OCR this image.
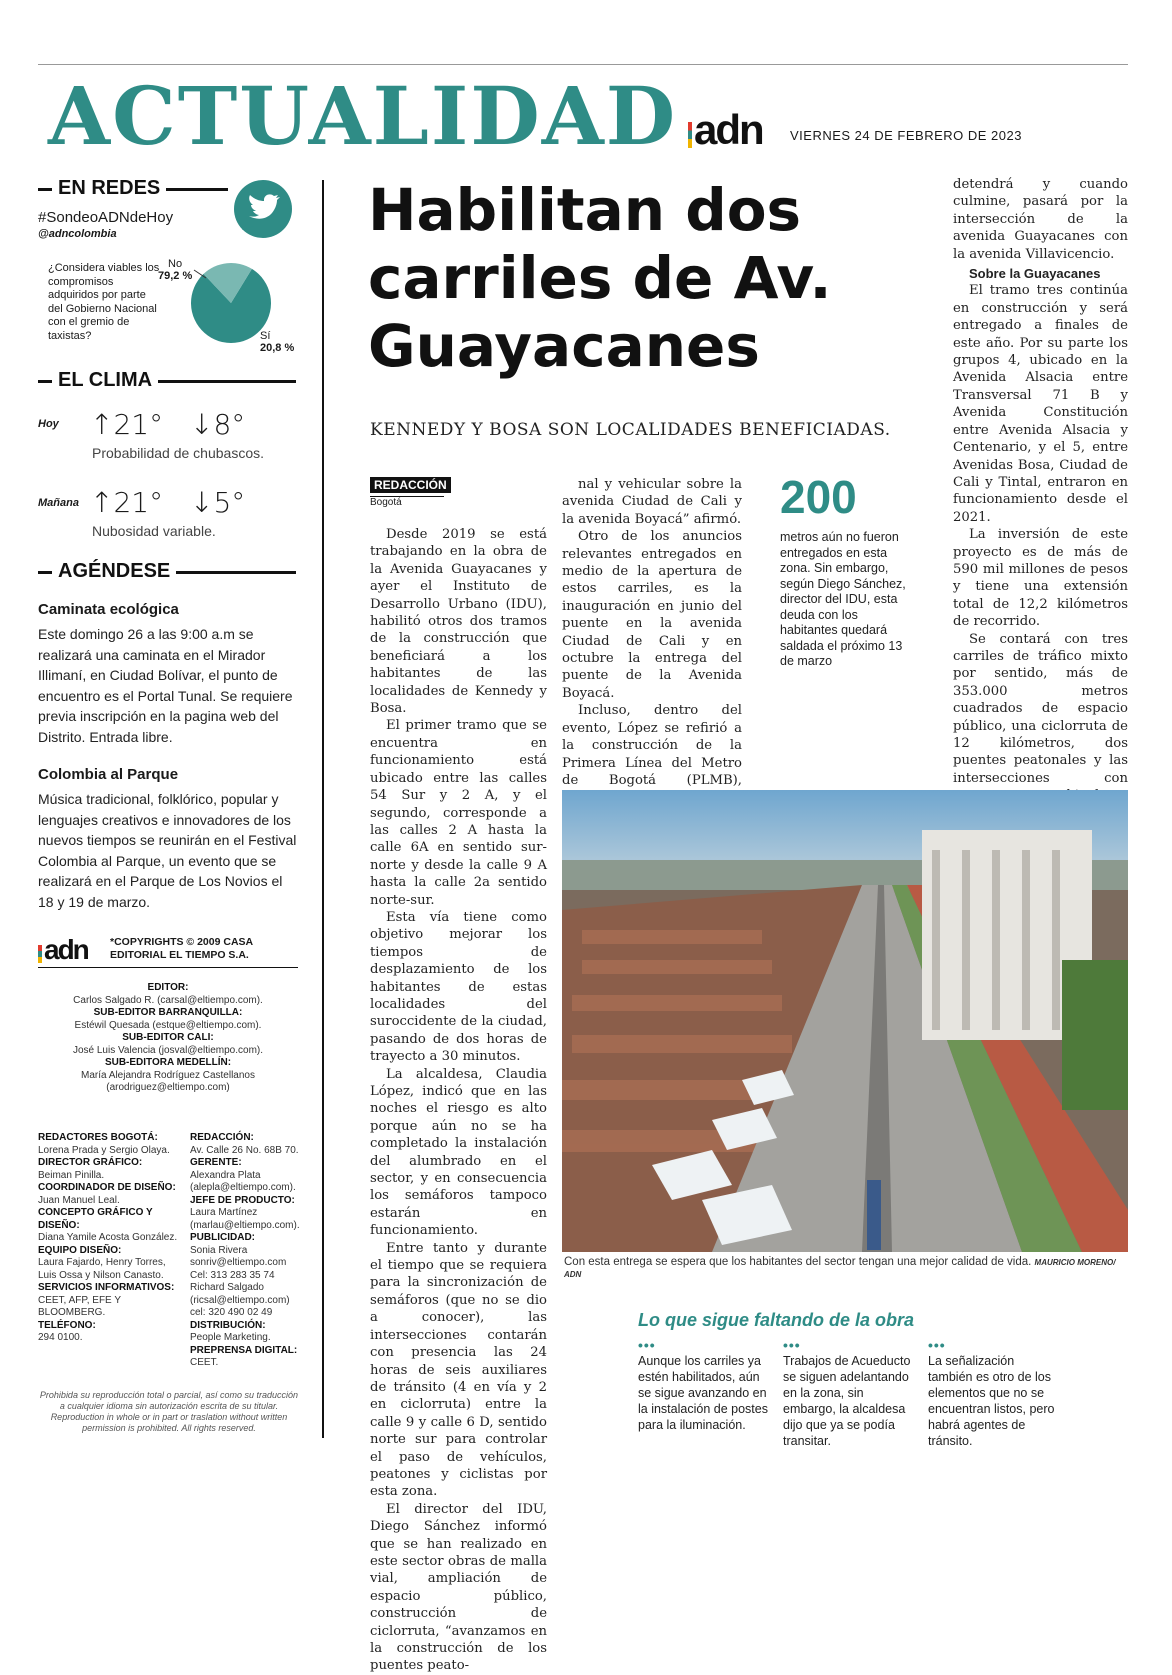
ACTUALIDAD adn VIERNES 24 DE FEBRERO DE 2023
EN REDES
#SondeoADNdeHoy
@adncolombia
¿Considera viables los compromisos adquiridos por parte del Gobierno Nacional con el gremio de taxistas?
No
79,2 %
Sí
20,8 %
EL CLIMA
Hoy ↑21° ↓8°
Probabilidad de chubascos.
Mañana ↑21° ↓5°
Nubosidad variable.
AGÉNDESE
Caminata ecológica
Este domingo 26 a las 9:00 a.m se realizará una caminata en el Mirador Illimaní, en Ciudad Bolívar, el punto de encuentro es el Portal Tunal. Se requiere previa inscripción en la pagina web del Distrito. Entrada libre.
Colombia al Parque
Música tradicional, folklórico, popular y lenguajes creativos e innovadores de los nuevos tiempos se reunirán en el Festival Colombia al Parque, un evento que se realizará en el Parque de Los Novios el 18 y 19 de marzo.
adn *COPYRIGHTS © 2009 CASA EDITORIAL EL TIEMPO S.A.
EDITOR:
Carlos Salgado R. (carsal@eltiempo.com).
SUB-EDITOR BARRANQUILLA:
Estéwil Quesada (estque@eltiempo.com).
SUB-EDITOR CALI:
José Luis Valencia (josval@eltiempo.com).
SUB-EDITORA MEDELLÍN:
María Alejandra Rodríguez Castellanos (arodriguez@eltiempo.com)
REDACTORES BOGOTÁ:
Lorena Prada y Sergio Olaya.
DIRECTOR GRÁFICO:
Beiman Pinilla.
COORDINADOR DE DISEÑO:
Juan Manuel Leal.
CONCEPTO GRÁFICO Y DISEÑO:
Diana Yamile Acosta González.
EQUIPO DISEÑO:
Laura Fajardo, Henry Torres, Luis Ossa y Nilson Canasto.
SERVICIOS INFORMATIVOS:
CEET, AFP, EFE Y BLOOMBERG.
TELÉFONO:
294 0100.
REDACCIÓN:
Av. Calle 26 No. 68B 70.
GERENTE:
Alexandra Plata (alepla@eltiempo.com).
JEFE DE PRODUCTO:
Laura Martínez (marlau@eltiempo.com).
PUBLICIDAD:
Sonia Rivera sonriv@eltiempo.com Cel: 313 283 35 74 Richard Salgado (ricsal@eltiempo.com) cel: 320 490 02 49
DISTRIBUCIÓN:
People Marketing.
PREPRENSA DIGITAL:
CEET.
Prohibida su reproducción total o parcial, así como su traducción a cualquier idioma sin autorización escrita de su titular. Reproduction in whole or in part or traslation without written permission is prohibited. All rights reserved.
Habilitan dos carriles de Av. Guayacanes
KENNEDY Y BOSA SON LOCALIDADES BENEFICIADAS.
REDACCIÓN
Bogotá

Desde 2019 se está trabajando en la obra de la Avenida Guayacanes y ayer el Instituto de Desarrollo Urbano (IDU), habilitó otros dos tramos de la construcción que beneficiará a los habitantes de las localidades de Kennedy y Bosa.

El primer tramo que se encuentra en funcionamiento está ubicado entre las calles 54 Sur y 2 A, y el segundo, corresponde a las calles 2 A hasta la calle 6A en sentido sur-norte y desde la calle 9 A hasta la calle 2a sentido norte-sur.

Esta vía tiene como objetivo mejorar los tiempos de desplazamiento de los habitantes de estas localidades del suroccidente de la ciudad, pasando de dos horas de trayecto a 30 minutos.

La alcaldesa, Claudia López, indicó que en las noches el riesgo es alto porque aún no se ha completado la instalación del alumbrado en el sector, y en consecuencia los semáforos tampoco estarán en funcionamiento.

Entre tanto y durante el tiempo que se requiera para la sincronización de semáforos (que no se dio a conocer), las intersecciones contarán con presencia las 24 horas de seis auxiliares de tránsito (4 en vía y 2 en ciclorruta) entre la calle 9 y calle 6 D, sentido norte sur para controlar el paso de vehículos, peatones y ciclistas por esta zona.

El director del IDU, Diego Sánchez informó que se han realizado en este sector obras de malla vial, ampliación de espacio público, construcción de ciclorruta, “avanzamos en la construcción de los puentes peato-

nal y vehicular sobre la avenida Ciudad de Cali y la avenida Boyacá” afirmó.

Otro de los anuncios relevantes entregados en medio de la apertura de estos carriles, es la inauguración en junio del puente en la avenida Ciudad de Cali y en octubre la entrega del puente de la Avenida Boyacá.

Incluso, dentro del evento, López se refirió a la construcción de la Primera Línea del Metro de Bogotá (PLMB),

200
metros aún no fueron entregados en esta zona. Sin embargo, según Diego Sánchez, director del IDU, esta deuda con los habitantes quedará saldada el próximo 13 de marzo

detendrá y cuando culmine, pasará por la intersección de la avenida Guayacanes con la avenida Villavicencio.

Sobre la Guayacanes

El tramo tres continúa en construcción y será entregado a finales de este año. Por su parte los grupos 4, ubicado en la Avenida Alsacia entre Transversal 71 B y Avenida Constitución entre Avenida Alsacia y Centenario, y el 5, entre Avenidas Bosa, Ciudad de Cali y Tintal, entraron en funcionamiento desde el 2021.

La inversión de este proyecto es de más de 590 mil millones de pesos y tiene una extensión total de 12,2 kilómetros de recorrido.

Se contará con tres carriles de tráfico mixto por sentido, más de 353.000 metros cuadrados de espacio público, una ciclorruta de 12 kilómetros, dos puentes peatonales y las intersecciones con

Con esta entrega se espera que los habitantes del sector tengan una mejor calidad de vida. MAURICIO MORENO/ ADN
Lo que sigue faltando de la obra
•••
Aunque los carriles ya estén habilitados, aún se sigue avanzando en la instalación de postes para la iluminación.
•••
Trabajos de Acueducto se siguen adelantando en la zona, sin embargo, la alcaldesa dijo que ya se podía transitar.
•••
La señalización también es otro de los elementos que no se encuentran listos, pero habrá agentes de tránsito.
